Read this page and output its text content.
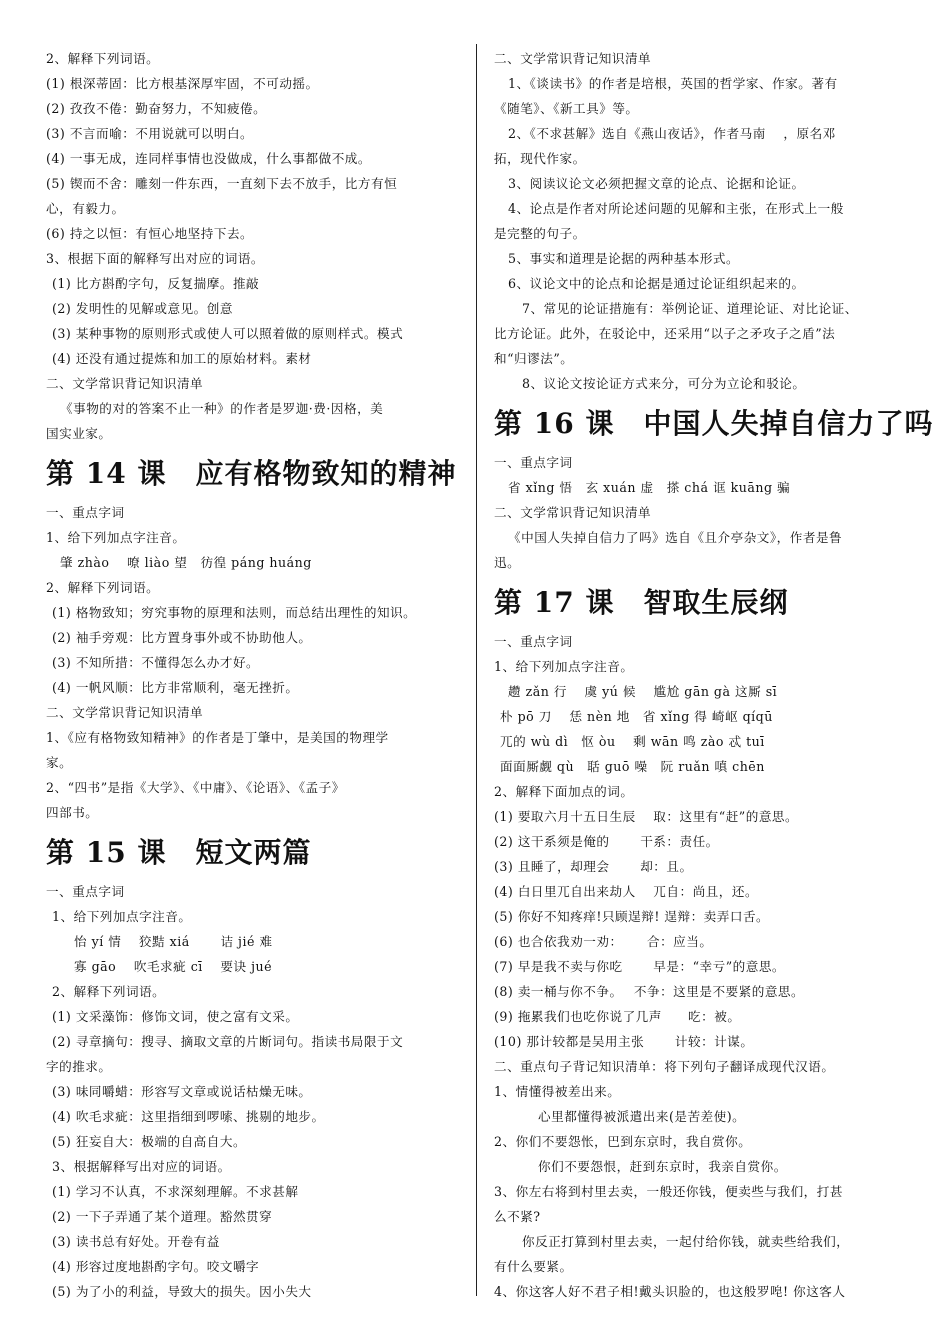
2、解释下列词语。
(1) 根深蒂固：比方根基深厚牢固，不可动摇。
(2) 孜孜不倦：勤奋努力，不知疲倦。
(3) 不言而喻：不用说就可以明白。
(4) 一事无成，连同样事情也没做成，什么事都做不成。
(5) 锲而不舍：雕刻一件东西，一直刻下去不放手，比方有恒
心，有毅力。
(6) 持之以恒：有恒心地坚持下去。
3、根据下面的解释写出对应的词语。
(1) 比方斟酌字句，反复揣摩。推敲
(2) 发明性的见解或意见。创意
(3) 某种事物的原则形式或使人可以照着做的原则样式。模式
(4) 还没有通过提炼和加工的原始材料。素材
二、文学常识背记知识清单
《事物的对的答案不止一种》的作者是罗迦·费·因格，美
国实业家。
第 14 课　应有格物致知的精神
一、重点字词
1、给下列加点字注音。
肇 zhào　 嘹 liào 望　彷徨 páng huáng
2、解释下列词语。
(1) 格物致知；穷究事物的原理和法则，而总结出理性的知识。
(2) 袖手旁观：比方置身事外或不协助他人。
(3) 不知所措：不懂得怎么办才好。
(4) 一帆风顺：比方非常顺利，毫无挫折。
二、文学常识背记知识清单
1、《应有格物致知精神》的作者是丁肇中，是美国的物理学
家。
2、“四书”是指《大学》、《中庸》、《论语》、《孟子》
四部书。
第 15 课　短文两篇
一、重点字词
1、给下列加点字注音。
怡 yí 情　 狡黠 xiá　　 诘 jié 难
寡 gāo　 吹毛求疵 cī　 要诀 jué
2、解释下列词语。
(1) 文采藻饰：修饰文词，使之富有文采。
(2) 寻章摘句：搜寻、摘取文章的片断词句。指读书局限于文
字的推求。
(3) 味同嚼蜡：形容写文章或说话枯燥无味。
(4) 吹毛求疵：这里指细到啰嗦、挑剔的地步。
(5) 狂妄自大：极端的自高自大。
3、根据解释写出对应的词语。
(1) 学习不认真，不求深刻理解。不求甚解
(2) 一下子弄通了某个道理。豁然贯穿
(3) 读书总有好处。开卷有益
(4) 形容过度地斟酌字句。咬文嚼字
(5) 为了小的利益，导致大的损失。因小失大
二、文学常识背记知识清单
1、《谈读书》的作者是培根，英国的哲学家、作家。著有
《随笔》、《新工具》等。
2、《不求甚解》选自《燕山夜话》，作者马南　 ，原名邓
拓，现代作家。
3、阅读议论文必须把握文章的论点、论据和论证。
4、论点是作者对所论述问题的见解和主张，在形式上一般
是完整的句子。
5、事实和道理是论据的两种基本形式。
6、议论文中的论点和论据是通过论证组织起来的。
7、常见的论证措施有：举例论证、道理论证、对比论证、
比方论证。此外，在驳论中，还采用“以子之矛攻子之盾”法
和“归谬法”。
8、议论文按论证方式来分，可分为立论和驳论。
第 16 课　中国人失掉自信力了吗
一、重点字词
省 xǐng 悟　玄 xuán 虚　搽 chá 诓 kuāng 骗
二、文学常识背记知识清单
《中国人失掉自信力了吗》选自《且介亭杂文》，作者是鲁
迅。
第 17 课　智取生辰纲
一、重点字词
1、给下列加点字注音。
趱 zǎn 行　 虞 yú 候　 尴尬 gān gà 这厮 sī
朴 pō 刀　 恁 nèn 地　省 xǐng 得 崎岖 qíqū
兀的 wù dì　怄 òu　 剩 wān 鸣 zào 忒 tuī
面面厮觑 qù　聒 guō 噪　阮 ruǎn 嗔 chēn
2、解释下面加点的词。
(1) 要取六月十五日生辰　 取：这里有“赶”的意思。
(2) 这干系须是俺的　　 干系：责任。
(3) 且睡了，却理会　　 却：且。
(4) 白日里兀自出来劫人　 兀自：尚且，还。
(5) 你好不知疼痒!只顾逞辩! 逞辩：卖弄口舌。
(6) 也合依我劝一劝：　　 合：应当。
(7) 早是我不卖与你吃　　 早是：“幸亏”的意思。
(8) 卖一桶与你不争。　 不争：这里是不要紧的意思。
(9) 拖累我们也吃你说了几声　　吃：被。
(10) 那计较都是吴用主张　　 计较：计谋。
二、重点句子背记知识清单：将下列句子翻译成现代汉语。
1、情懂得被差出来。
心里都懂得被派遣出来(是苦差使)。
2、你们不要怨怅，巴到东京时，我自赏你。
你们不要怨恨，赶到东京时，我亲自赏你。
3、你左右将到村里去卖，一般还你钱，便卖些与我们，打甚
么不紧?
你反正打算到村里去卖，一起付给你钱，就卖些给我们，
有什么要紧。
4、你这客人好不君子相!戴头识脸的，也这般罗唣! 你这客人
